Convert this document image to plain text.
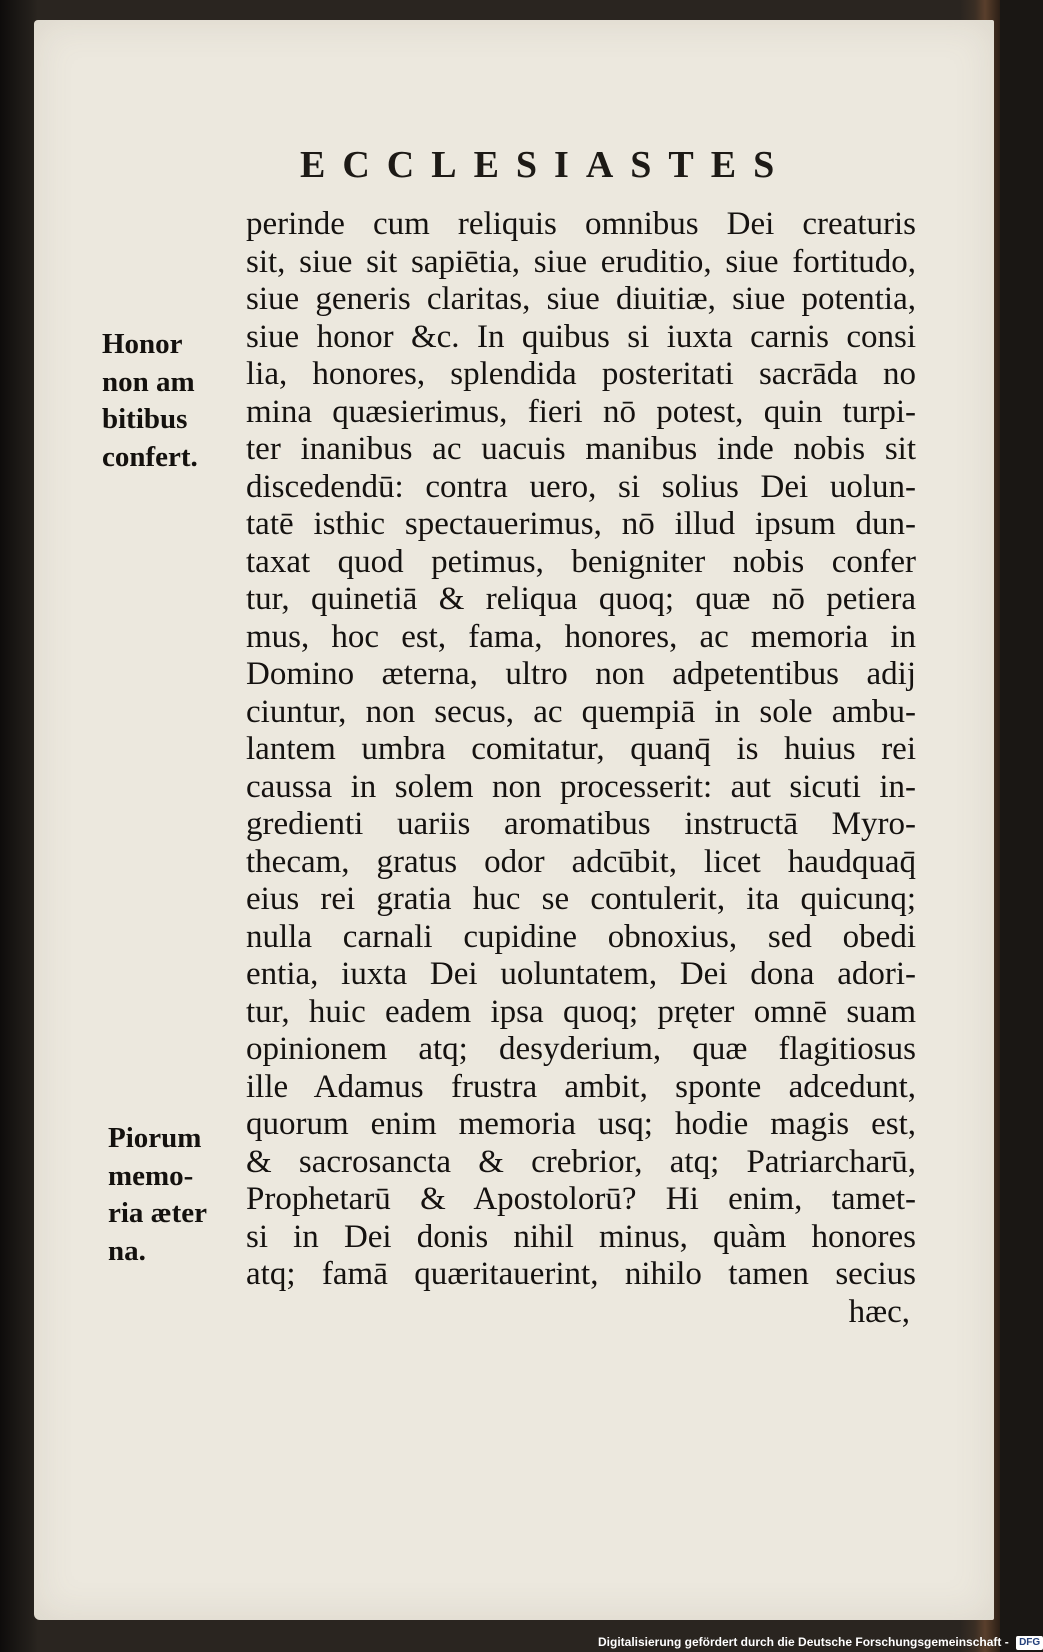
ECCLESIASTES
perinde cum reliquis omnibus Dei creaturis
sit, siue sit sapiētia, siue eruditio, siue fortitudo,
siue generis claritas, siue diuitiæ, siue potentia,
siue honor &c. In quibus si iuxta carnis consi
lia, honores, splendida posteritati sacrāda no
mina quæsierimus, fieri nō potest, quin turpi-
ter inanibus ac uacuis manibus inde nobis sit
discedendū: contra uero, si solius Dei uolun-
tatē isthic spectauerimus, nō illud ipsum dun-
taxat quod petimus, benigniter nobis confer
tur, quinetiā & reliqua quoq; quæ nō petiera
mus, hoc est, fama, honores, ac memoria in
Domino æterna, ultro non adpetentibus adij
ciuntur, non secus, ac quempiā in sole ambu-
lantem umbra comitatur, quanq̄ is huius rei
caussa in solem non processerit: aut sicuti in-
gredienti uariis aromatibus instructā Myro-
thecam, gratus odor adcūbit, licet haudquaq̄
eius rei gratia huc se contulerit, ita quicunq;
nulla carnali cupidine obnoxius, sed obedi
entia, iuxta Dei uoluntatem, Dei dona adori-
tur, huic eadem ipsa quoq; pręter omnē suam
opinionem atq; desyderium, quæ flagitiosus
ille Adamus frustra ambit, sponte adcedunt,
quorum enim memoria usq; hodie magis est,
& sacrosancta & crebrior, atq; Patriarcharū,
Prophetarū & Apostolorū? Hi enim, tamet-
si in Dei donis nihil minus, quàm honores
atq; famā quæritauerint, nihilo tamen secius
hæc,
Honor
non am
bitibus
confert.
Piorum
memo-
ria æter
na.
Digitalisierung gefördert durch die Deutsche Forschungsgemeinschaft - DFG
